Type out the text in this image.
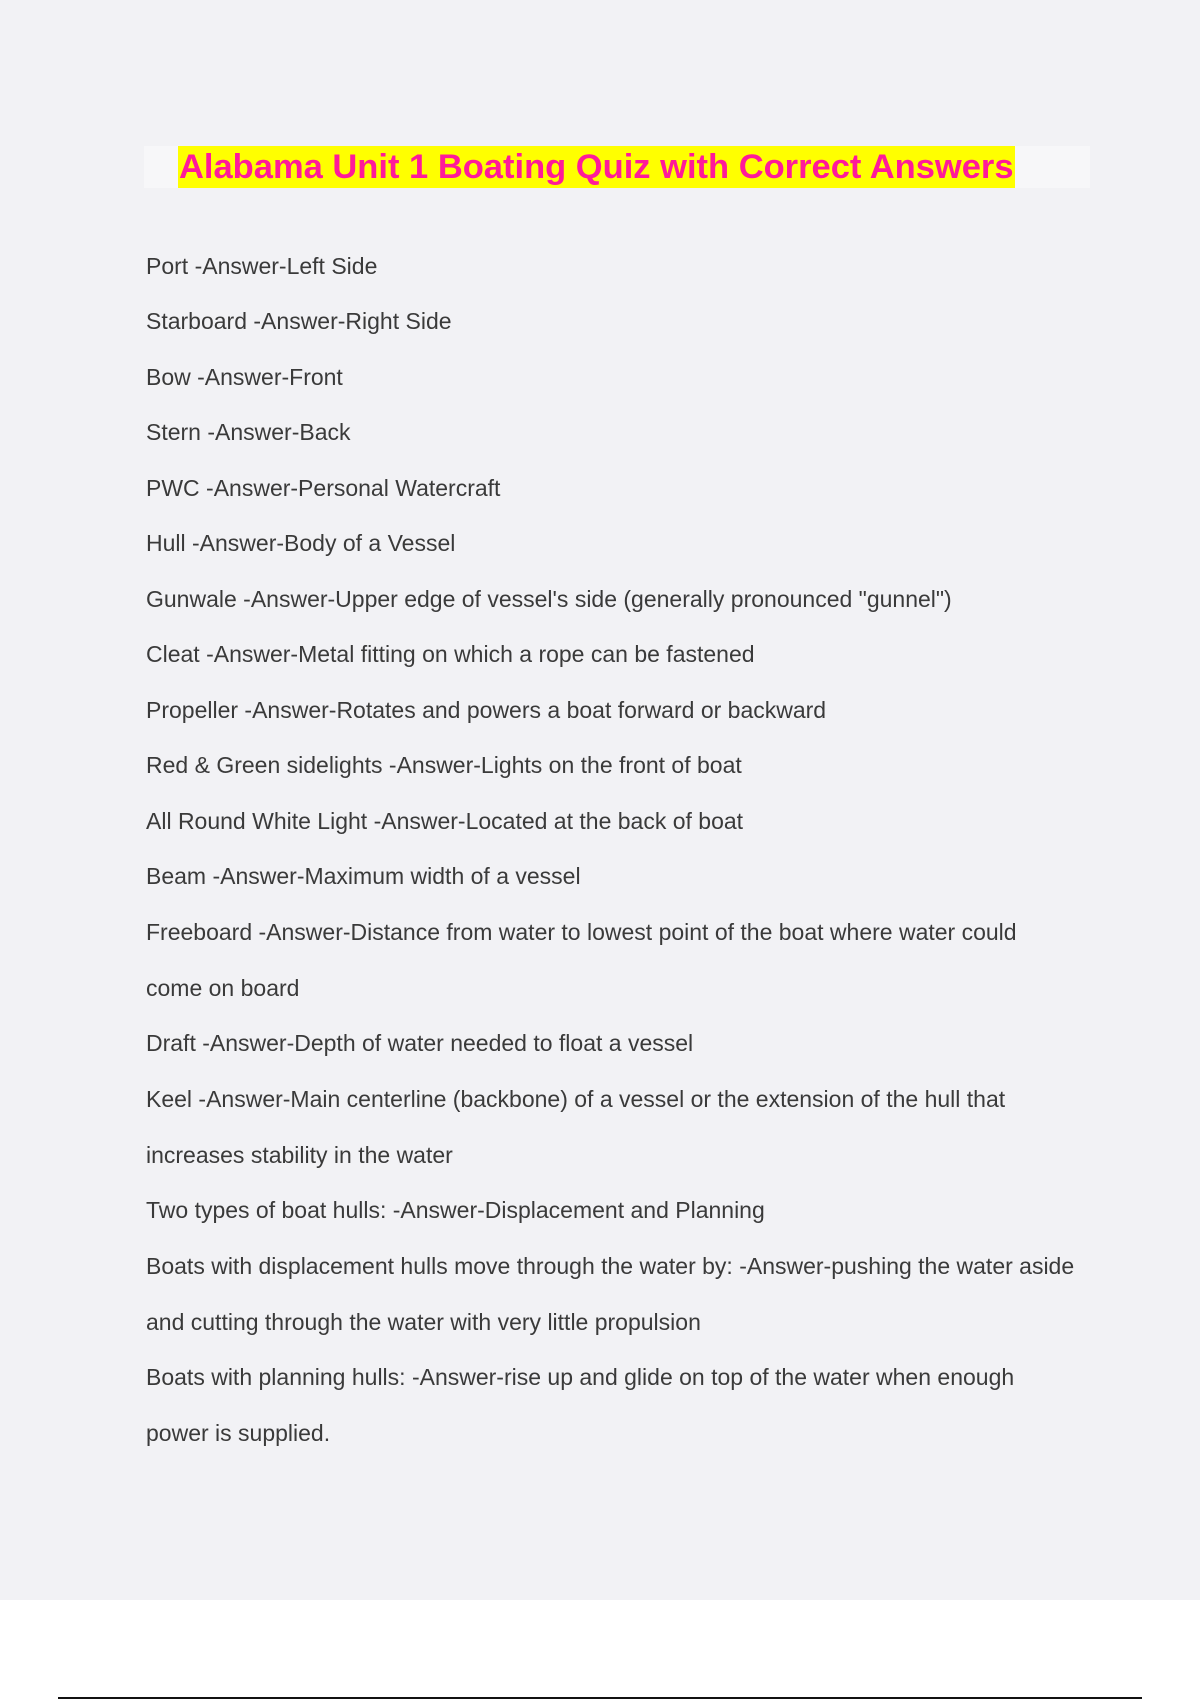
Alabama Unit 1 Boating Quiz with Correct Answers
Port -Answer-Left Side
Starboard -Answer-Right Side
Bow -Answer-Front
Stern -Answer-Back
PWC -Answer-Personal Watercraft
Hull -Answer-Body of a Vessel
Gunwale -Answer-Upper edge of vessel's side (generally pronounced "gunnel")
Cleat -Answer-Metal fitting on which a rope can be fastened
Propeller -Answer-Rotates and powers a boat forward or backward
Red & Green sidelights -Answer-Lights on the front of boat
All Round White Light -Answer-Located at the back of boat
Beam -Answer-Maximum width of a vessel
Freeboard -Answer-Distance from water to lowest point of the boat where water could come on board
Draft -Answer-Depth of water needed to float a vessel
Keel -Answer-Main centerline (backbone) of a vessel or the extension of the hull that increases stability in the water
Two types of boat hulls: -Answer-Displacement and Planning
Boats with displacement hulls move through the water by: -Answer-pushing the water aside and cutting through the water with very little propulsion
Boats with planning hulls: -Answer-rise up and glide on top of the water when enough power is supplied.
